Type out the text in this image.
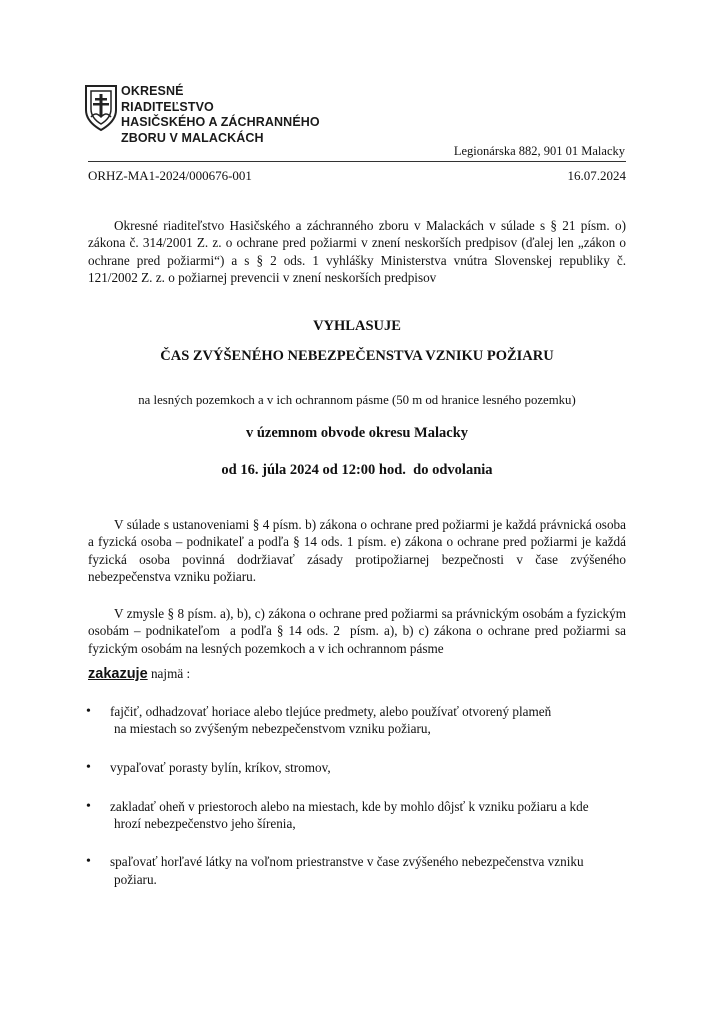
OKRESNÉ
RIADITEĽSTVO
HASIČSKÉHO A ZÁCHRANNÉHO
ZBORU V MALACKÁCH
Legionárska 882, 901 01 Malacky
ORHZ-MA1-2024/000676-001	16.07.2024
Okresné riaditeľstvo Hasičského a záchranného zboru v Malackách v súlade s § 21 písm. o) zákona č. 314/2001 Z. z. o ochrane pred požiarmi v znení neskorších predpisov (ďalej len „zákon o ochrane pred požiarmi“) a s § 2 ods. 1 vyhlášky Ministerstva vnútra Slovenskej republiky č. 121/2002 Z. z. o požiarnej prevencii v znení neskorších predpisov
VYHLASUJE
ČAS ZVÝŠENÉHO NEBEZPEČENSTVA VZNIKU POŽIARU
na lesných pozemkoch a v ich ochrannom pásme (50 m od hranice lesného pozemku)
v územnom obvode okresu Malacky
od 16. júla 2024 od 12:00 hod.  do odvolania
V súlade s ustanoveniami § 4 písm. b) zákona o ochrane pred požiarmi je každá právnická osoba a fyzická osoba – podnikateľ a podľa § 14 ods. 1 písm. e) zákona o ochrane pred požiarmi je každá fyzická osoba povinná dodržiavať zásady protipožiarnej bezpečnosti v čase zvýšeného nebezpečenstva vzniku požiaru.
V zmysle § 8 písm. a), b), c) zákona o ochrane pred požiarmi sa právnickým osobám a fyzickým osobám – podnikateľom  a podľa § 14 ods. 2  písm. a), b) c) zákona o ochrane pred požiarmi sa fyzickým osobám na lesných pozemkoch a v ich ochrannom pásme
zakazuje najmä :
• fajčiť, odhadzovať horiace alebo tlejúce predmety, alebo používať otvorený plameň
na miestach so zvýšeným nebezpečenstvom vzniku požiaru,
• vypaľovať porasty bylín, kríkov, stromov,
• zakladať oheň v priestoroch alebo na miestach, kde by mohlo dôjsť k vzniku požiaru a kde
hrozí nebezpečenstvo jeho šírenia,
• spaľovať horľavé látky na voľnom priestranstve v čase zvýšeného nebezpečenstva vzniku
požiaru.
